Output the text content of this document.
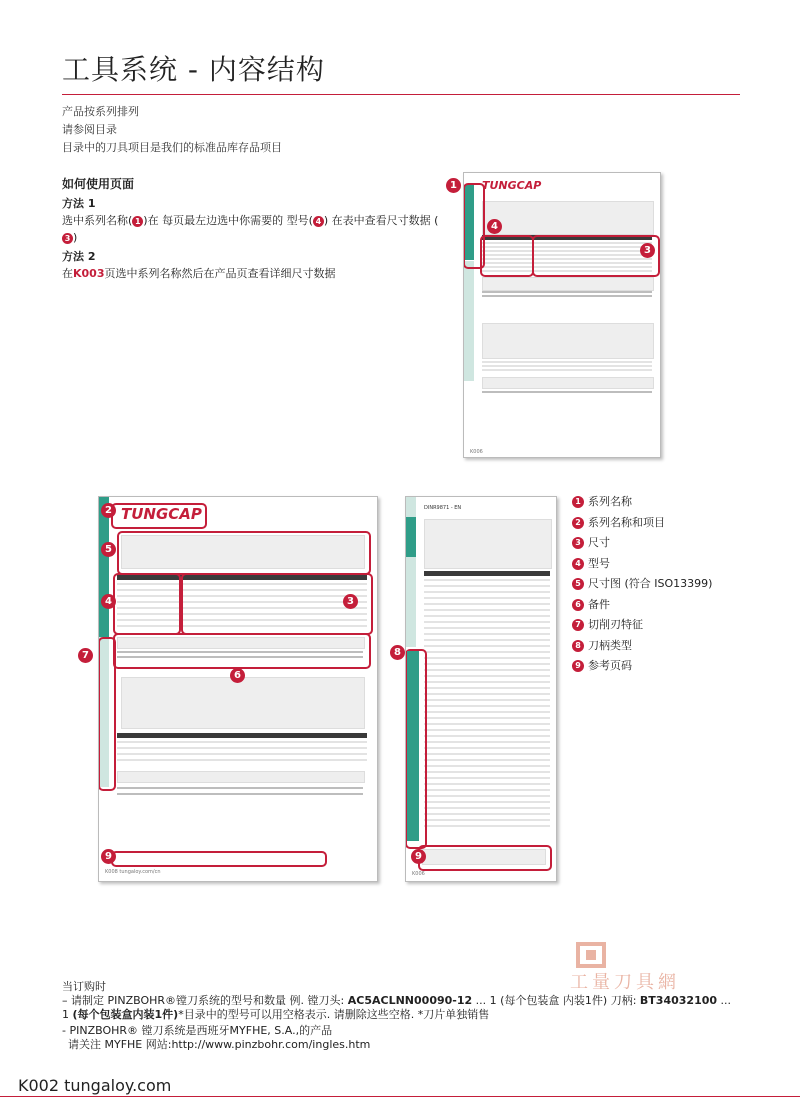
工具系统 - 内容结构
产品按系列排列
请参阅目录
目录中的刀具项目是我们的标准品库存品项目
如何使用页面
方法 1
选中系列名称( 1 )在 每页最左边选中你需要的 型号( 4 ) 在表中查看尺寸数据 (3 )
方法 2
在K003页选中系列名称然后在产品页查看详细尺寸数据
TUNGCAP
K006
1
4
3
TUNGCAP
K008 tungaloy.com/cn
2
5
4	3
7
6
9
DINR9871 - EN
K006
8
9
1 系列名称
2 系列名称和项目
3 尺寸
4 型号
5 尺寸图 (符合 ISO13399)
6 备件
7 切削刃特征
8 刀柄类型
9 参考页码
工量刀具網
当订购时
– 请制定 PINZBOHR®镗刀系统的型号和数量 例. 镗刀头: AC5ACLNN00090-12 ... 1 (每个包装盒 内装1件) 刀柄: BT34032100 ...
1 (每个包装盒内装1件)*目录中的型号可以用空格表示. 请删除这些空格. *刀片单独销售
- PINZBOHR® 镗刀系统是西班牙MYFHE, S.A.,的产品
请关注 MYFHE 网站:http://www.pinzbohr.com/ingles.htm
K002 tungaloy.com
